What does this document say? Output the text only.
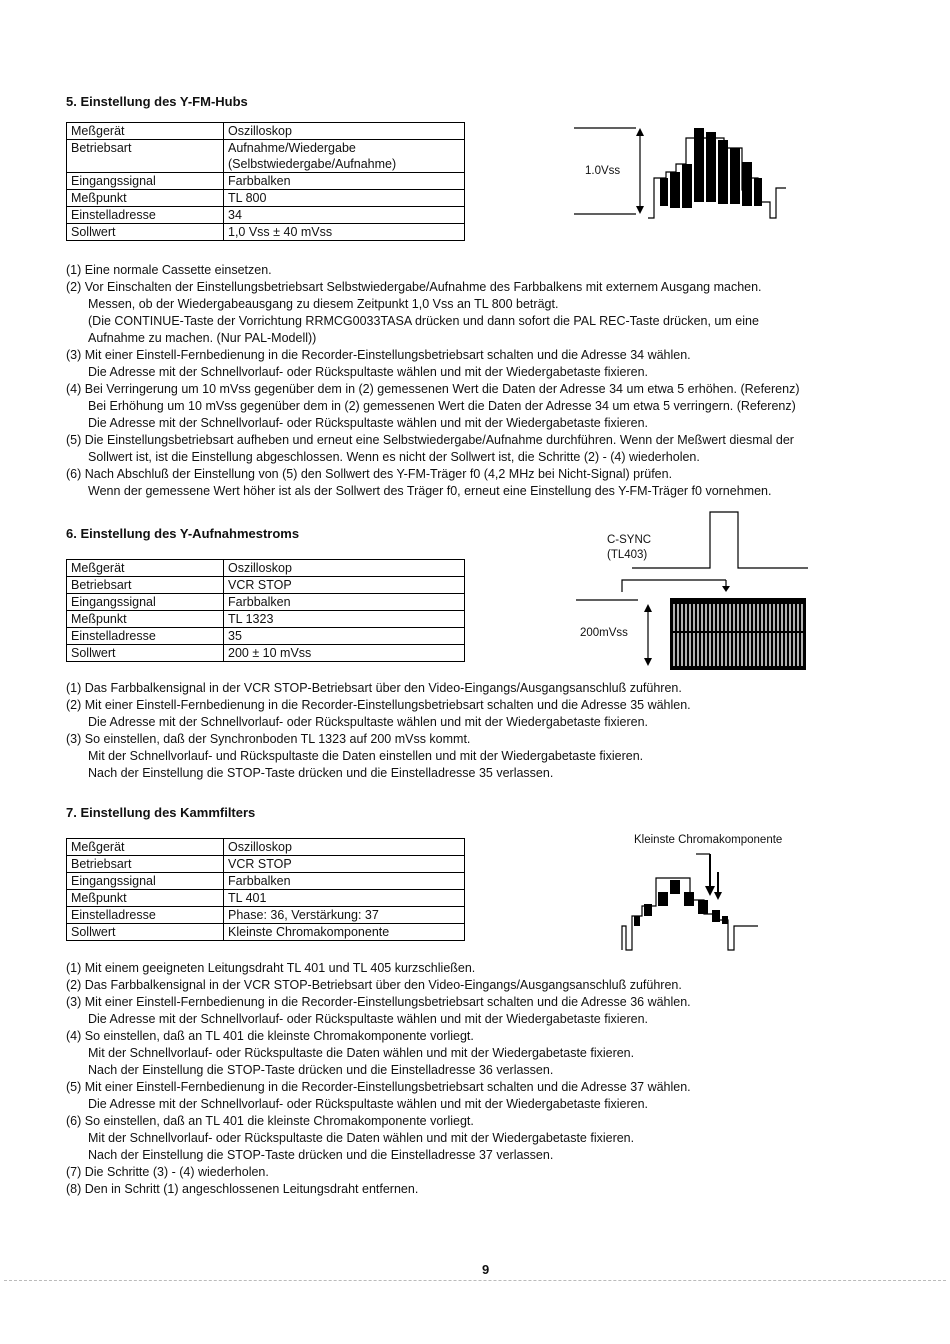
5. Einstellung des Y-FM-Hubs
Meßgerät	Oszilloskop
Betriebsart	Aufnahme/Wiedergabe (Selbstwiedergabe/Aufnahme)
Eingangssignal	Farbbalken
Meßpunkt	TL 800
Einstelladresse	34
Sollwert	1,0 Vss ± 40 mVss
1.0Vss
(1) Eine normale Cassette einsetzen.
(2) Vor Einschalten der Einstellungsbetriebsart Selbstwiedergabe/Aufnahme des Farbbalkens mit externem Ausgang machen.
Messen, ob der Wiedergabeausgang zu diesem Zeitpunkt 1,0 Vss an TL 800 beträgt.
(Die CONTINUE-Taste der Vorrichtung RRMCG0033TASA drücken und dann sofort die PAL REC-Taste drücken, um eine
Aufnahme zu machen. (Nur PAL-Modell))
(3) Mit einer Einstell-Fernbedienung in die Recorder-Einstellungsbetriebsart schalten und die Adresse 34 wählen.
Die Adresse mit der Schnellvorlauf- oder Rückspultaste wählen und mit der Wiedergabetaste fixieren.
(4) Bei Verringerung um 10 mVss gegenüber dem in (2) gemessenen Wert die Daten der Adresse 34 um etwa 5 erhöhen. (Referenz)
Bei Erhöhung um 10 mVss gegenüber dem in (2) gemessenen Wert die Daten der Adresse 34 um etwa 5 verringern. (Referenz)
Die Adresse mit der Schnellvorlauf- oder Rückspultaste wählen und mit der Wiedergabetaste fixieren.
(5) Die Einstellungsbetriebsart aufheben und erneut eine Selbstwiedergabe/Aufnahme durchführen. Wenn der Meßwert diesmal der
Sollwert ist, ist die Einstellung abgeschlossen. Wenn es nicht der Sollwert ist, die Schritte (2) - (4) wiederholen.
(6) Nach Abschluß der Einstellung von (5) den Sollwert des Y-FM-Träger f0 (4,2 MHz bei Nicht-Signal) prüfen.
Wenn der gemessene Wert höher ist als der Sollwert des Träger f0, erneut eine Einstellung des Y-FM-Träger f0 vornehmen.
6. Einstellung des Y-Aufnahmestroms
Meßgerät	Oszilloskop
Betriebsart	VCR STOP
Eingangssignal	Farbbalken
Meßpunkt	TL 1323
Einstelladresse	35
Sollwert	200 ± 10 mVss
C-SYNC
(TL403)
200mVss
(1) Das Farbbalkensignal in der VCR STOP-Betriebsart über den Video-Eingangs/Ausgangsanschluß zuführen.
(2) Mit einer Einstell-Fernbedienung in die Recorder-Einstellungsbetriebsart schalten und die Adresse 35 wählen.
Die Adresse mit der Schnellvorlauf- oder Rückspultaste wählen und mit der Wiedergabetaste fixieren.
(3) So einstellen, daß der Synchronboden TL 1323 auf 200 mVss kommt.
Mit der Schnellvorlauf- und Rückspultaste die Daten einstellen und mit der Wiedergabetaste fixieren.
Nach der Einstellung die STOP-Taste drücken und die Einstelladresse 35 verlassen.
7. Einstellung des Kammfilters
Meßgerät	Oszilloskop
Betriebsart	VCR STOP
Eingangssignal	Farbbalken
Meßpunkt	TL 401
Einstelladresse	Phase: 36, Verstärkung: 37
Sollwert	Kleinste Chromakomponente
Kleinste Chromakomponente
(1) Mit einem geeigneten Leitungsdraht TL 401 und TL 405 kurzschließen.
(2) Das Farbbalkensignal in der VCR STOP-Betriebsart über den Video-Eingangs/Ausgangsanschluß zuführen.
(3) Mit einer Einstell-Fernbedienung in die Recorder-Einstellungsbetriebsart schalten und die Adresse 36 wählen.
Die Adresse mit der Schnellvorlauf- oder Rückspultaste wählen und mit der Wiedergabetaste fixieren.
(4) So einstellen, daß an TL 401 die kleinste Chromakomponente vorliegt.
Mit der Schnellvorlauf- oder Rückspultaste die Daten wählen und mit der Wiedergabetaste fixieren.
Nach der Einstellung die STOP-Taste drücken und die Einstelladresse 36 verlassen.
(5) Mit einer Einstell-Fernbedienung in die Recorder-Einstellungsbetriebsart schalten und die Adresse 37 wählen.
Die Adresse mit der Schnellvorlauf- oder Rückspultaste wählen und mit der Wiedergabetaste fixieren.
(6) So einstellen, daß an TL 401 die kleinste Chromakomponente vorliegt.
Mit der Schnellvorlauf- oder Rückspultaste die Daten wählen und mit der Wiedergabetaste fixieren.
Nach der Einstellung die STOP-Taste drücken und die Einstelladresse 37 verlassen.
(7) Die Schritte (3) - (4) wiederholen.
(8) Den in Schritt (1) angeschlossenen Leitungsdraht entfernen.
9
